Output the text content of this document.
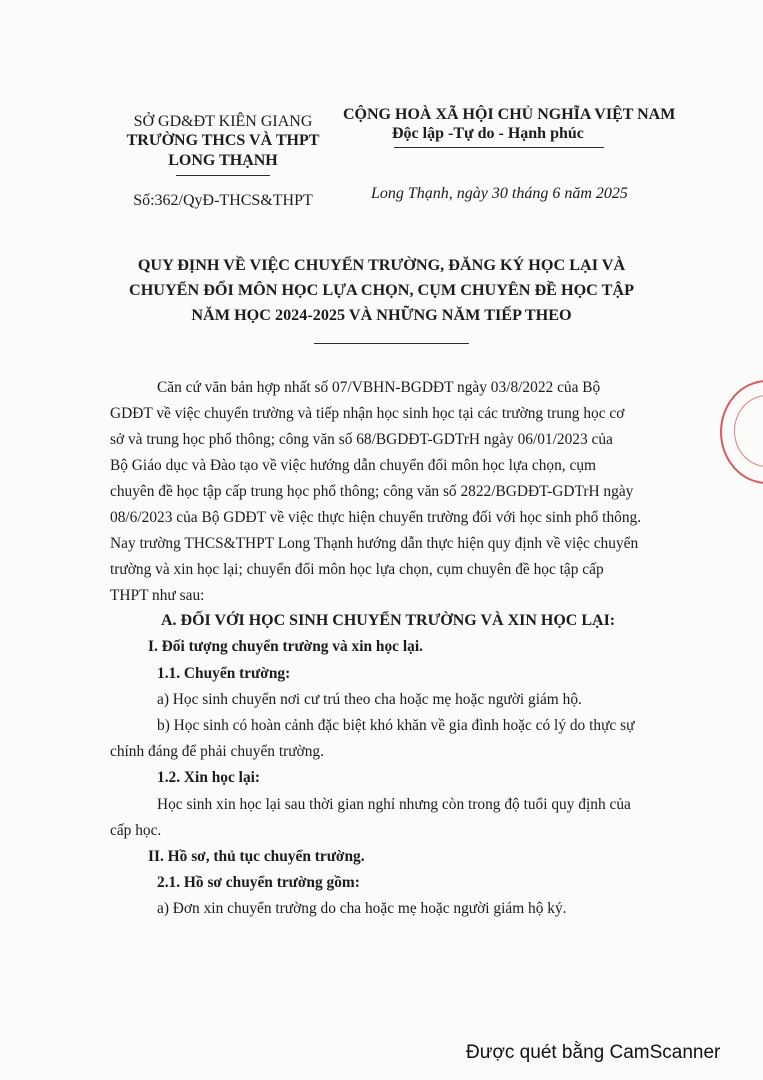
SỞ GD&ĐT KIÊN GIANG
TRƯỜNG THCS VÀ THPT
LONG THẠNH
Số:362/QyĐ-THCS&THPT
CỘNG HOÀ XÃ HỘI CHỦ NGHĨA VIỆT NAM
Độc lập -Tự do - Hạnh phúc
Long Thạnh, ngày 30 tháng 6 năm 2025
QUY ĐỊNH VỀ VIỆC CHUYỂN TRƯỜNG, ĐĂNG KÝ HỌC LẠI VÀ
CHUYỂN ĐỔI MÔN HỌC LỰA CHỌN, CỤM CHUYÊN ĐỀ HỌC TẬP
NĂM HỌC 2024-2025 VÀ NHỮNG NĂM TIẾP THEO
Căn cứ văn bản hợp nhất số 07/VBHN-BGDĐT ngày 03/8/2022 của Bộ
GDĐT về việc chuyển trường và tiếp nhận học sinh học tại các trường trung học cơ
sở và trung học phổ thông; công văn số 68/BGDĐT-GDTrH ngày 06/01/2023 của
Bộ Giáo dục và Đào tạo về việc hướng dẫn chuyển đổi môn học lựa chọn, cụm
chuyên đề học tập cấp trung học phổ thông; công văn số 2822/BGDĐT-GDTrH ngày
08/6/2023 của Bộ GDĐT về việc thực hiện chuyển trường đối với học sinh phổ thông.
Nay trường THCS&THPT Long Thạnh hướng dẫn thực hiện quy định về việc chuyển
trường và xin học lại; chuyển đổi môn học lựa chọn, cụm chuyên đề học tập cấp
THPT như sau:
A. ĐỐI VỚI HỌC SINH CHUYỂN TRƯỜNG VÀ XIN HỌC LẠI:
I. Đối tượng chuyển trường và xin học lại.
1.1. Chuyển trường:
a) Học sinh chuyển nơi cư trú theo cha hoặc mẹ hoặc người giám hộ.
b) Học sinh có hoàn cảnh đặc biệt khó khăn về gia đình hoặc có lý do thực sự
chính đáng để phải chuyển trường.
1.2. Xin học lại:
Học sinh xin học lại sau thời gian nghỉ nhưng còn trong độ tuổi quy định của
cấp học.
II. Hồ sơ, thủ tục chuyển trường.
2.1. Hồ sơ chuyển trường gồm:
a) Đơn xin chuyển trường do cha hoặc mẹ hoặc người giám hộ ký.
Được quét bằng CamScanner
